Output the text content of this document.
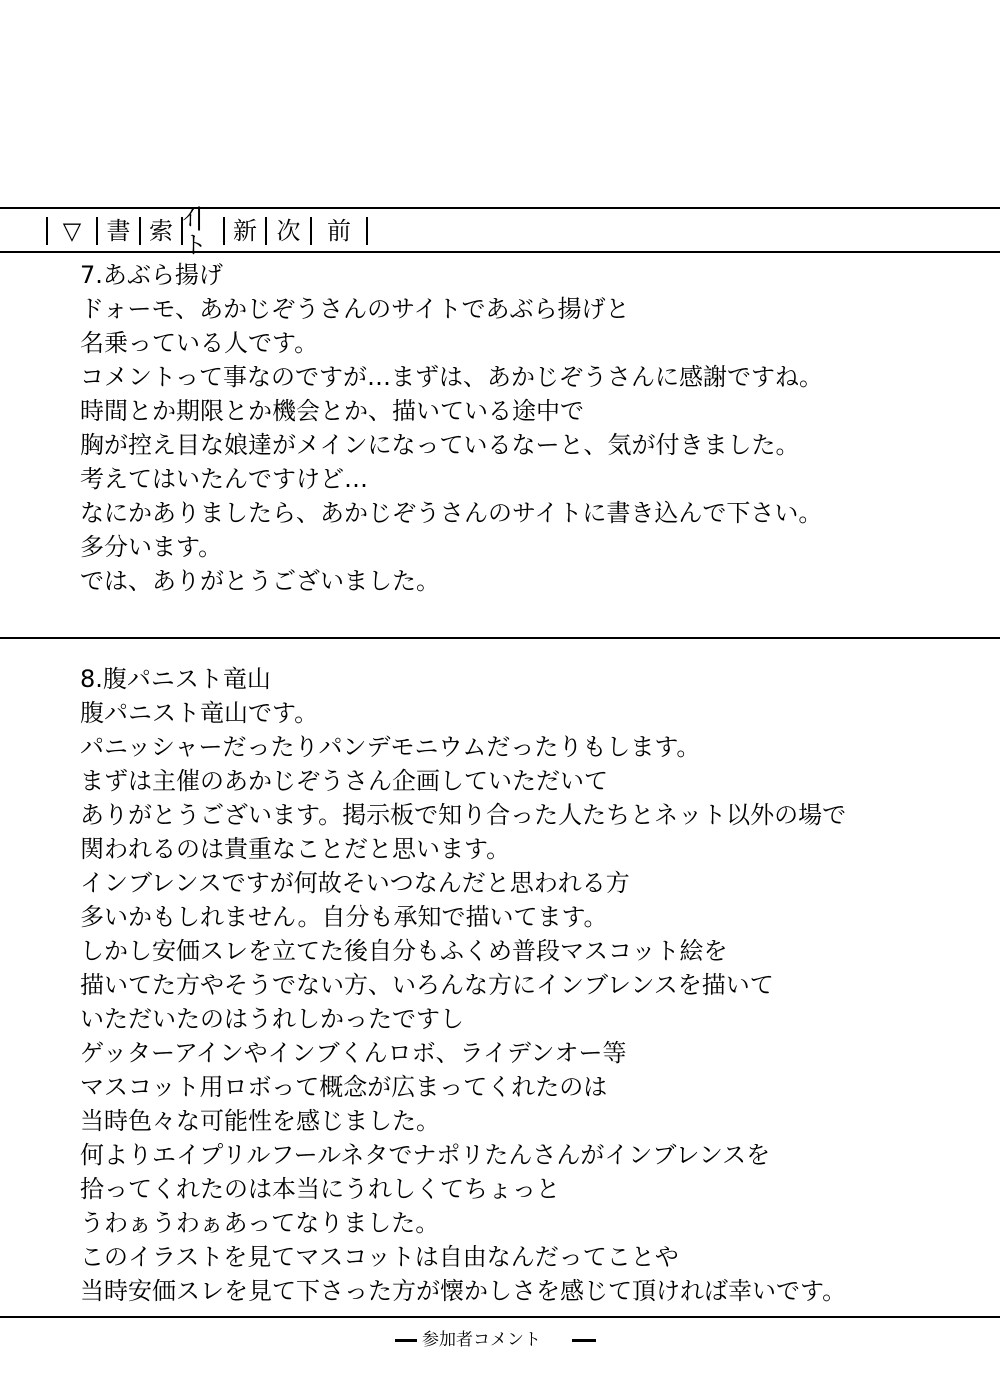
▽ 書 索 ｲ|ト	新 次 前
7.あぶら揚げ
ドォーモ、あかじぞうさんのサイトであぶら揚げと
名乗っている人です。
コメントって事なのですが…まずは、あかじぞうさんに感謝ですね。
時間とか期限とか機会とか、描いている途中で
胸が控え目な娘達がメインになっているなーと、気が付きました。
考えてはいたんですけど…
なにかありましたら、あかじぞうさんのサイトに書き込んで下さい。
多分います。
では、ありがとうございました。
8.腹パニスト竜山
腹パニスト竜山です。
パニッシャーだったりパンデモニウムだったりもします。
まずは主催のあかじぞうさん企画していただいて
ありがとうございます。掲示板で知り合った人たちとネット以外の場で
関われるのは貴重なことだと思います。
インブレンスですが何故そいつなんだと思われる方
多いかもしれません。自分も承知で描いてます。
しかし安価スレを立てた後自分もふくめ普段マスコット絵を
描いてた方やそうでない方、いろんな方にインブレンスを描いて
いただいたのはうれしかったですし
ゲッターアインやインブくんロボ、ライデンオー等
マスコット用ロボって概念が広まってくれたのは
当時色々な可能性を感じました。
何よりエイプリルフールネタでナポリたんさんがインブレンスを
拾ってくれたのは本当にうれしくてちょっと
うわぁうわぁあってなりました。
このイラストを見てマスコットは自由なんだってことや
当時安価スレを見て下さった方が懐かしさを感じて頂ければ幸いです。
参加者コメント
